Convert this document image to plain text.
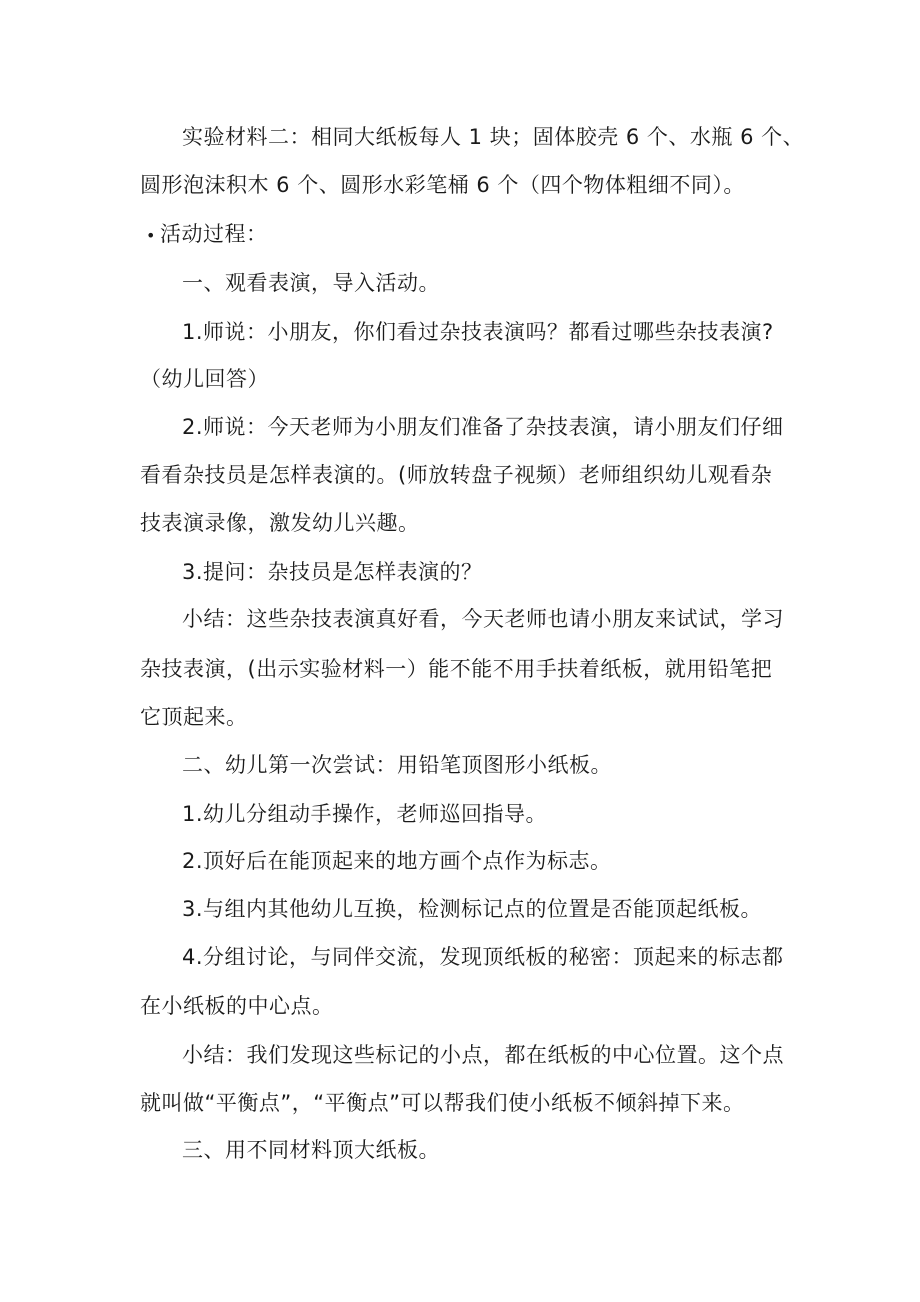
实验材料二：相同大纸板每人 1 块；固体胶壳 6 个、水瓶 6 个、
圆形泡沫积木 6 个、圆形水彩笔桶 6 个（四个物体粗细不同）。
• 活动过程：
一、观看表演，导入活动。
1.师说：小朋友，你们看过杂技表演吗？都看过哪些杂技表演?
（幼儿回答）
2.师说：今天老师为小朋友们准备了杂技表演，请小朋友们仔细
看看杂技员是怎样表演的。(师放转盘子视频）老师组织幼儿观看杂
技表演录像，激发幼儿兴趣。
3.提问：杂技员是怎样表演的？
小结：这些杂技表演真好看，今天老师也请小朋友来试试，学习
杂技表演，(出示实验材料一）能不能不用手扶着纸板，就用铅笔把
它顶起来。
二、幼儿第一次尝试：用铅笔顶图形小纸板。
1.幼儿分组动手操作，老师巡回指导。
2.顶好后在能顶起来的地方画个点作为标志。
3.与组内其他幼儿互换，检测标记点的位置是否能顶起纸板。
4.分组讨论，与同伴交流，发现顶纸板的秘密：顶起来的标志都
在小纸板的中心点。
小结：我们发现这些标记的小点，都在纸板的中心位置。这个点
就叫做“平衡点”，“平衡点”可以帮我们使小纸板不倾斜掉下来。
三、用不同材料顶大纸板。
